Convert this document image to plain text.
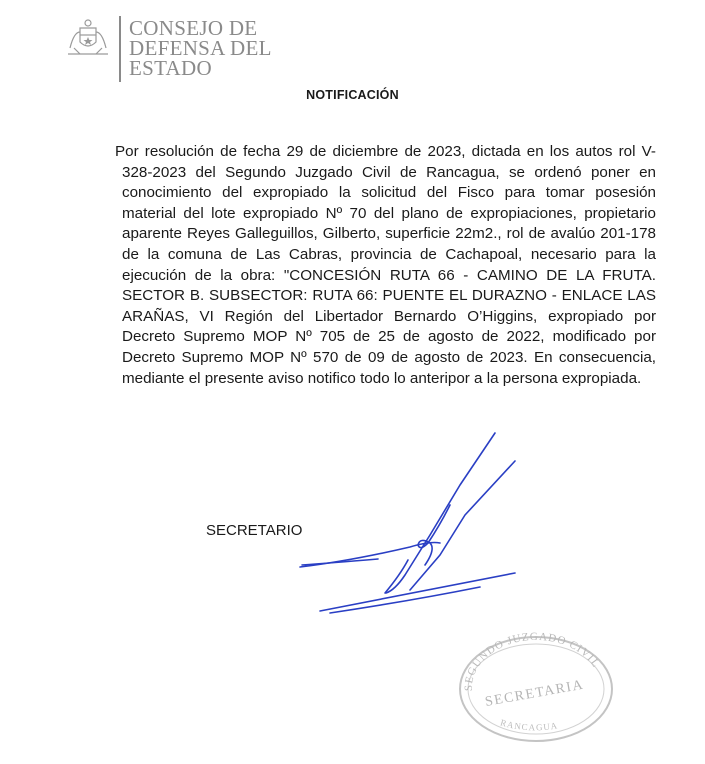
CONSEJO DE
DEFENSA DEL
ESTADO
NOTIFICACIÓN
Por resolución de fecha 29 de diciembre de 2023, dictada en los autos rol V-328-2023 del Segundo Juzgado Civil de Rancagua, se ordenó poner en conocimiento del expropiado la solicitud del Fisco para tomar posesión material del lote expropiado Nº 70 del plano de expropiaciones, propietario aparente Reyes Galleguillos, Gilberto, superficie 22m2., rol de avalúo 201-178 de la comuna de Las Cabras, provincia de Cachapoal, necesario para la ejecución de la obra: "CONCESIÓN RUTA 66 - CAMINO DE LA FRUTA. SECTOR B. SUBSECTOR: RUTA 66: PUENTE EL DURAZNO - ENLACE LAS ARAÑAS, VI Región del Libertador Bernardo O’Higgins, expropiado por Decreto Supremo MOP Nº 705 de 25 de agosto de 2022, modificado por Decreto Supremo MOP Nº 570 de 09 de agosto de 2023. En consecuencia, mediante el presente aviso notifico todo lo anteripor a la persona expropiada.
SECRETARIO
SEGUNDO JUZGADO CIVIL
SECRETARIA
RANCAGUA
